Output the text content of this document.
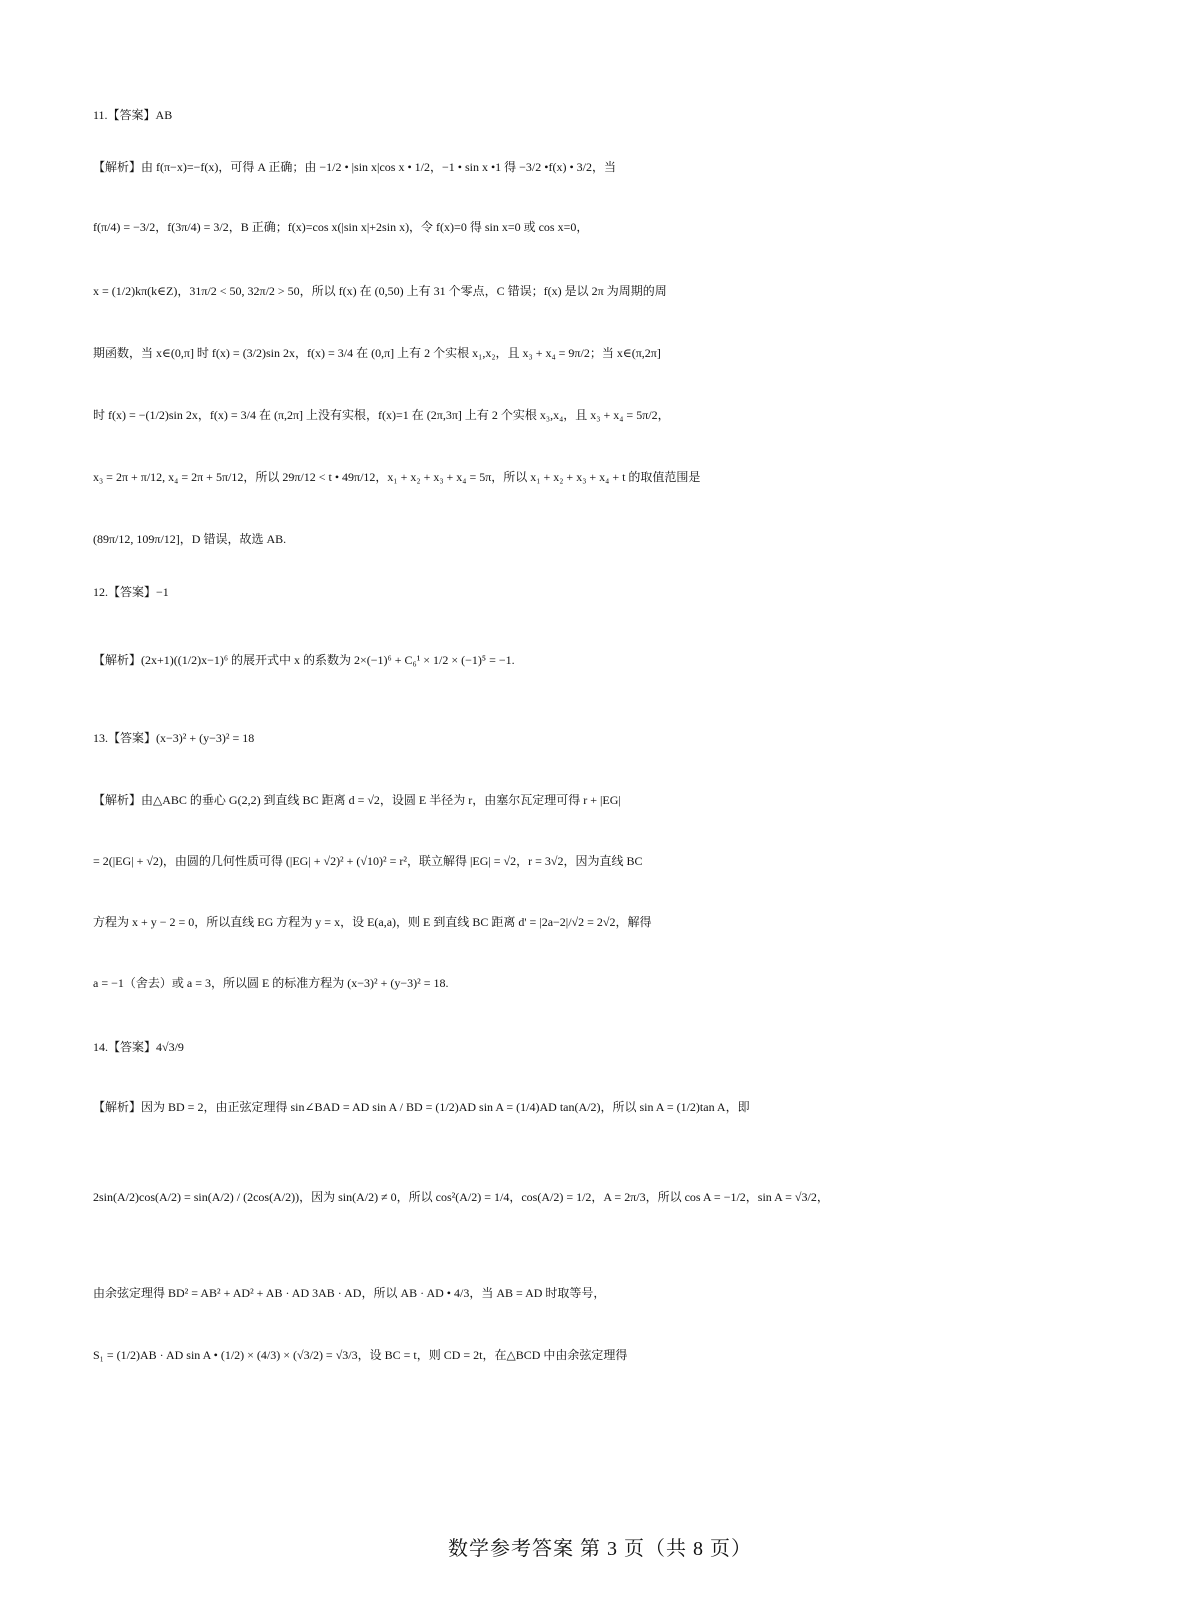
11.【答案】AB
【解析】由 f(π−x)=−f(x)，可得 A 正确；由 −1/2 • |sin x|cos x • 1/2，−1 • sin x •1 得 −3/2 •f(x) • 3/2，当
f(π/4) = −3/2，f(3π/4) = 3/2，B 正确；f(x)=cos x(|sin x|+2sin x)，令 f(x)=0 得 sin x=0 或 cos x=0，
x = (1/2)kπ(k∈Z)，31π/2 < 50, 32π/2 > 50，所以 f(x) 在 (0,50) 上有 31 个零点，C 错误；f(x) 是以 2π 为周期的周
期函数，当 x∈(0,π] 时 f(x) = (3/2)sin 2x，f(x) = 3/4 在 (0,π] 上有 2 个实根 x₁,x₂，且 x₃ + x₄ = 9π/2；当 x∈(π,2π]
时 f(x) = −(1/2)sin 2x，f(x) = 3/4 在 (π,2π] 上没有实根，f(x)=1 在 (2π,3π] 上有 2 个实根 x₃,x₄，且 x₃ + x₄ = 5π/2，
x₃ = 2π + π/12, x₄ = 2π + 5π/12，所以 29π/12 < t • 49π/12，x₁ + x₂ + x₃ + x₄ = 5π，所以 x₁ + x₂ + x₃ + x₄ + t 的取值范围是
(89π/12, 109π/12]，D 错误，故选 AB.
12.【答案】−1
【解析】(2x+1)((1/2)x−1)⁶ 的展开式中 x 的系数为 2×(−1)⁶ + C₆¹ × 1/2 × (−1)⁵ = −1.
13.【答案】(x−3)² + (y−3)² = 18
【解析】由△ABC 的垂心 G(2,2) 到直线 BC 距离 d = √2，设圆 E 半径为 r，由塞尔瓦定理可得 r + |EG|
= 2(|EG| + √2)，由圆的几何性质可得 (|EG| + √2)² + (√10)² = r²，联立解得 |EG| = √2，r = 3√2，因为直线 BC
方程为 x + y − 2 = 0，所以直线 EG 方程为 y = x，设 E(a,a)，则 E 到直线 BC 距离 d' = |2a−2|/√2 = 2√2，解得
a = −1（舍去）或 a = 3，所以圆 E 的标准方程为 (x−3)² + (y−3)² = 18.
14.【答案】4√3/9
【解析】因为 BD = 2，由正弦定理得 sin∠BAD = AD sin A / BD = (1/2)AD sin A = (1/4)AD tan(A/2)，所以 sin A = (1/2)tan A，即
2sin(A/2)cos(A/2) = sin(A/2) / (2cos(A/2))，因为 sin(A/2) ≠ 0，所以 cos²(A/2) = 1/4，cos(A/2) = 1/2，A = 2π/3，所以 cos A = −1/2，sin A = √3/2，
由余弦定理得 BD² = AB² + AD² + AB · AD 3AB · AD，所以 AB · AD • 4/3，当 AB = AD 时取等号，
S₁ = (1/2)AB · AD sin A • (1/2) × (4/3) × (√3/2) = √3/3，设 BC = t，则 CD = 2t，在△BCD 中由余弦定理得
数学参考答案 第 3 页（共 8 页）
